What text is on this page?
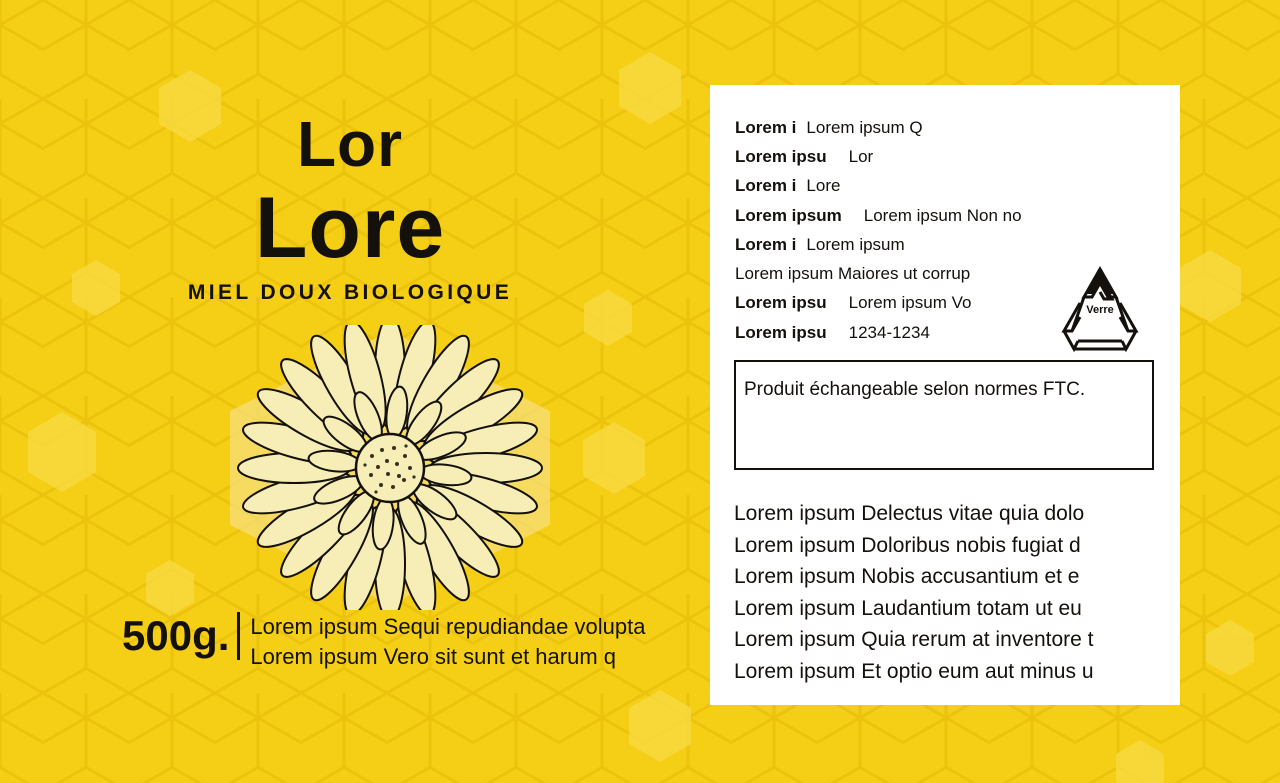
Lor
Lore
MIEL DOUX BIOLOGIQUE
500g. Lorem ipsum Sequi repudiandae volupta
Lorem ipsum Vero sit sunt et harum q
Lorem i Lorem ipsum Q
Lorem ipsu Lor
Lorem i Lore
Lorem ipsum Lorem ipsum Non no
Lorem i Lorem ipsum
Lorem ipsum Maiores ut corrup
Lorem ipsu Lorem ipsum Vo
Lorem ipsu 1234-1234
Verre
Produit échangeable selon normes FTC.
Lorem ipsum Delectus vitae quia dolo
Lorem ipsum Doloribus nobis fugiat d
Lorem ipsum Nobis accusantium et e
Lorem ipsum Laudantium totam ut eu
Lorem ipsum Quia rerum at inventore t
Lorem ipsum Et optio eum aut minus u
